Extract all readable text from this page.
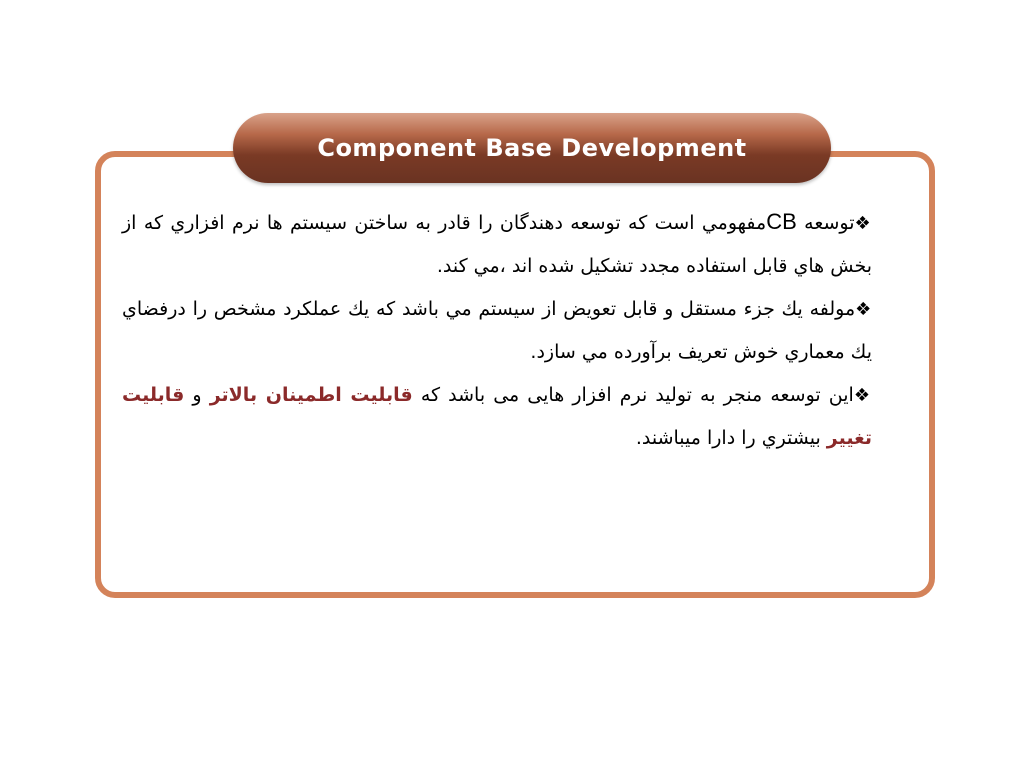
Component Base Development

❖توسعه CBمفهومي است كه توسعه دهندگان را قادر به ساختن سيستم ها نرم افزاري كه از بخش هاي قابل استفاده مجدد تشكيل شده اند ،مي كند.

❖مولفه يك جزء مستقل و قابل تعويض از سيستم مي باشد كه يك عملكرد مشخص را درفضاي يك معماري خوش تعريف برآورده مي سازد.

❖این توسعه منجر به تولید نرم افزار هایی می باشد که قابليت اطمينان بالاتر و قابليت تغيير بيشتري را دارا ميباشند.
